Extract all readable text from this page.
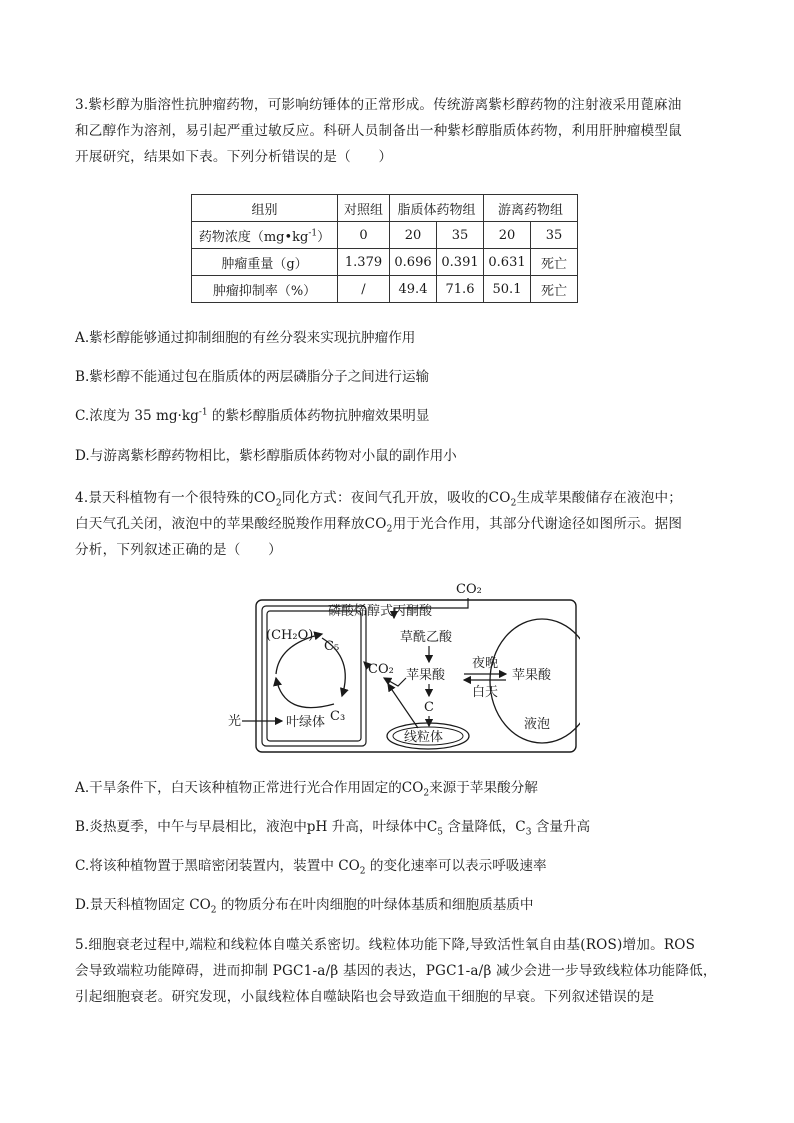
3.紫杉醇为脂溶性抗肿瘤药物，可影响纺锤体的正常形成。传统游离紫杉醇药物的注射液采用蓖麻油
和乙醇作为溶剂，易引起严重过敏反应。科研人员制备出一种紫杉醇脂质体药物，利用肝肿瘤模型鼠
开展研究，结果如下表。下列分析错误的是（　　）
组别	对照组	脂质体药物组		游离药物组	
药物浓度$(mg•kg^{-1})$	0	20	35	20	35
肿瘤重量（g）	1.379	0.696	0.391	0.631	死亡
肿瘤抑制率（%）	/	49.4	71.6	50.1	死亡
A.紫杉醇能够通过抑制细胞的有丝分裂来实现抗肿瘤作用
B.紫杉醇不能通过包在脂质体的两层磷脂分子之间进行运输
C.浓度为 35 $mg\cdot kg^{-1}$ 的紫杉醇脂质体药物抗肿瘤效果明显
D.与游离紫杉醇药物相比，紫杉醇脂质体药物对小鼠的副作用小
4.景天科植物有一个很特殊的$CO_2$同化方式：夜间气孔开放，吸收的$CO_2$生成苹果酸储存在液泡中；
白天气孔关闭，液泡中的苹果酸经脱羧作用释放$CO_2$用于光合作用，其部分代谢途径如图所示。据图
分析，下列叙述正确的是（　　）
(CH₂O)
C₅
C₃
光	叶绿体
CO₂
磷酸烯醇式丙酮酸
草酰乙酸
苹果酸
夜晚
白天
苹果酸
液泡
CO₂
C
线粒体
A.干旱条件下，白天该种植物正常进行光合作用固定的$CO_2$来源于苹果酸分解
B.炎热夏季，中午与早晨相比，液泡中pH 升高，叶绿体中$C_5$ 含量降低，$C_3$ 含量升高
C.将该种植物置于黑暗密闭装置内，装置中 $CO_2$ 的变化速率可以表示呼吸速率
D.景天科植物固定 $CO_2$ 的物质分布在叶肉细胞的叶绿体基质和细胞质基质中
5.细胞衰老过程中,端粒和线粒体自噬关系密切。线粒体功能下降,导致活性氧自由基(ROS)增加。ROS
会导致端粒功能障碍，进而抑制 PGC1-a/β 基因的表达，PGC1-a/β 减少会进一步导致线粒体功能降低，
引起细胞衰老。研究发现，小鼠线粒体自噬缺陷也会导致造血干细胞的早衰。下列叙述错误的是
